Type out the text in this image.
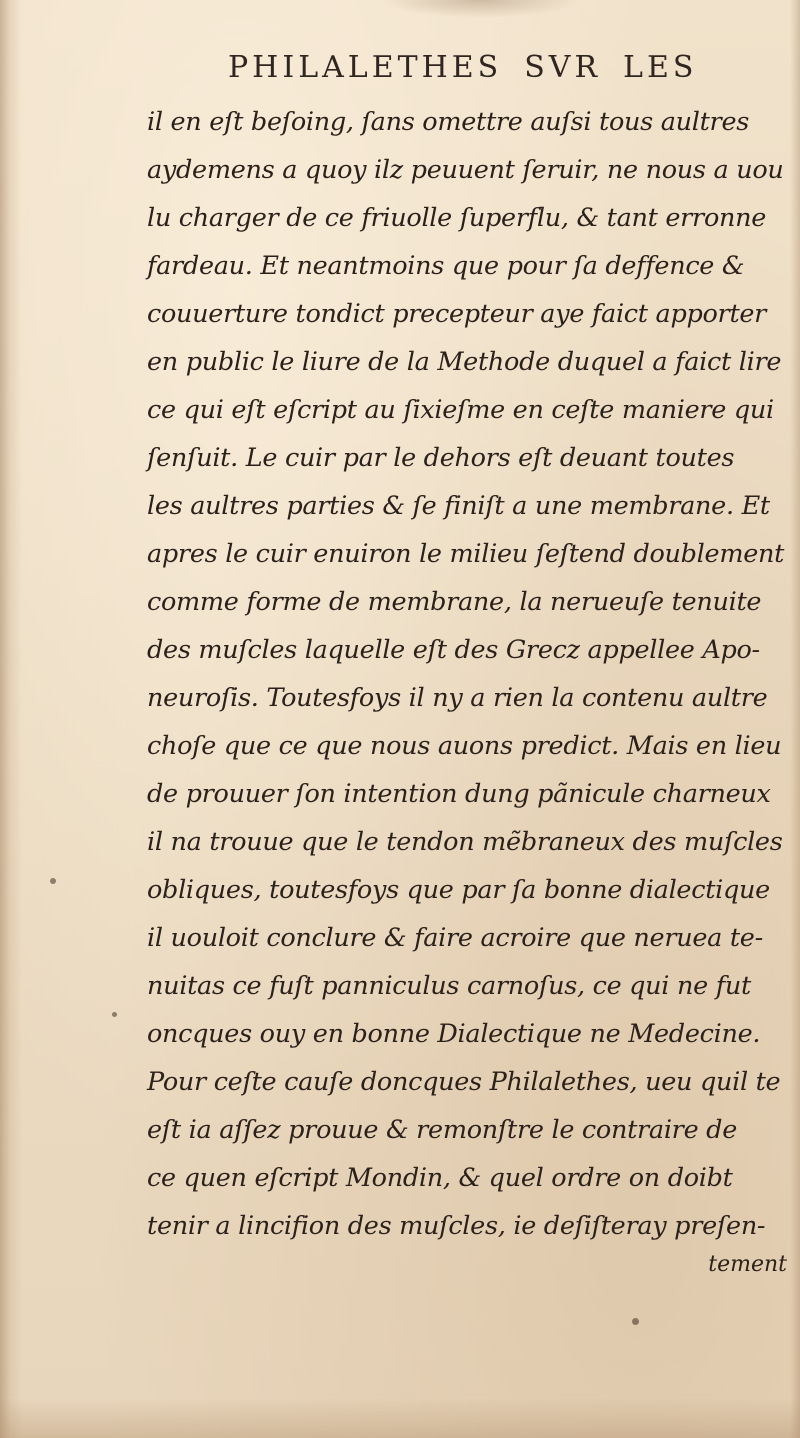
PHILALETHES SVR LES
il en eſt beſoing, ſans omettre auſsi tous aultres
aydemens a quoy ilz peuuent ſeruir, ne nous a uou
lu charger de ce friuolle ſuperflu, & tant erronne
fardeau. Et neantmoins que pour ſa deffence &
couuerture tondict precepteur aye faict apporter
en public le liure de la Methode duquel a faict lire
ce qui eſt eſcript au ſixieſme en ceſte maniere qui
ſenſuit. Le cuir par le dehors eſt deuant toutes
les aultres parties & ſe finiſt a une membrane. Et
apres le cuir enuiron le milieu ſeſtend doublement
comme forme de membrane, la nerueuſe tenuite
des muſcles laquelle eſt des Grecz appellee Apo-
neuroſis. Toutesfoys il ny a rien la contenu aultre
choſe que ce que nous auons predict. Mais en lieu
de prouuer ſon intention dung pãnicule charneux
il na trouue que le tendon mẽbraneux des muſcles
obliques, toutesfoys que par ſa bonne dialectique
il uouloit conclure & faire acroire que neruea te-
nuitas ce fuſt panniculus carnoſus, ce qui ne fut
oncques ouy en bonne Dialectique ne Medecine.
Pour ceſte cauſe doncques Philalethes, ueu quil te
eſt ia aſſez prouue & remonſtre le contraire de
ce quen eſcript Mondin, & quel ordre on doibt
tenir a lincifion des muſcles, ie deſiſteray preſen-
tement
